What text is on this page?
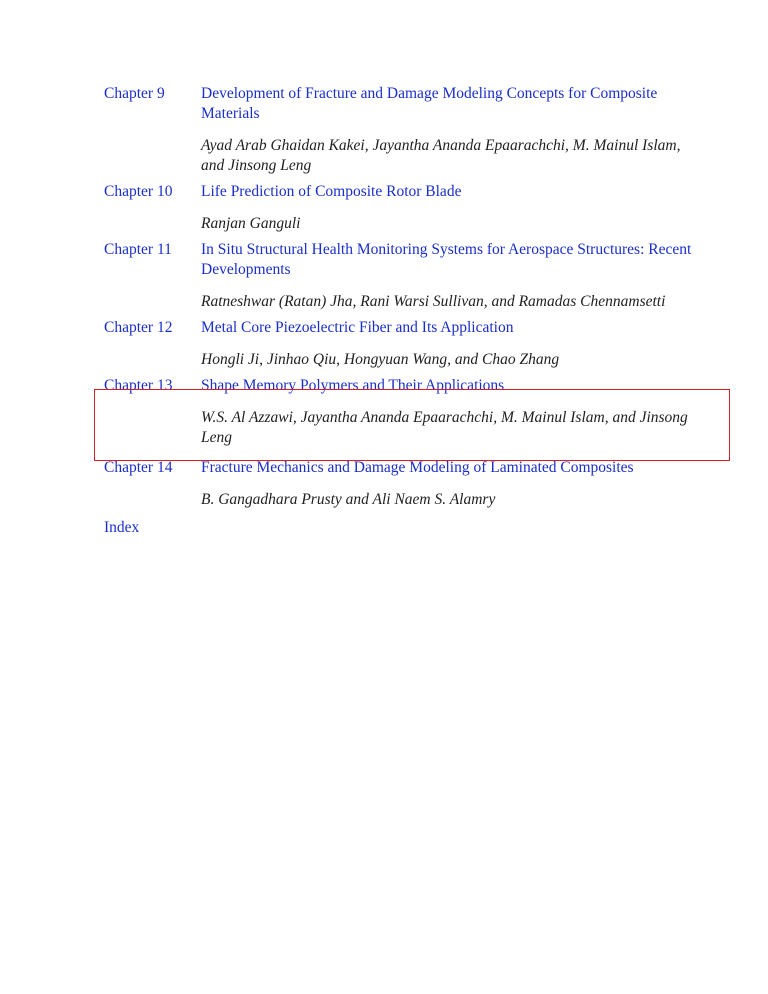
Chapter 9	Development of Fracture and Damage Modeling Concepts for Composite Materials
Ayad Arab Ghaidan Kakei, Jayantha Ananda Epaarachchi, M. Mainul Islam, and Jinsong Leng
Chapter 10	Life Prediction of Composite Rotor Blade
Ranjan Ganguli
Chapter 11	In Situ Structural Health Monitoring Systems for Aerospace Structures: Recent Developments
Ratneshwar (Ratan) Jha, Rani Warsi Sullivan, and Ramadas Chennamsetti
Chapter 12	Metal Core Piezoelectric Fiber and Its Application
Hongli Ji, Jinhao Qiu, Hongyuan Wang, and Chao Zhang
Chapter 13	Shape Memory Polymers and Their Applications
W.S. Al Azzawi, Jayantha Ananda Epaarachchi, M. Mainul Islam, and Jinsong Leng
Chapter 14	Fracture Mechanics and Damage Modeling of Laminated Composites
B. Gangadhara Prusty and Ali Naem S. Alamry
Index
